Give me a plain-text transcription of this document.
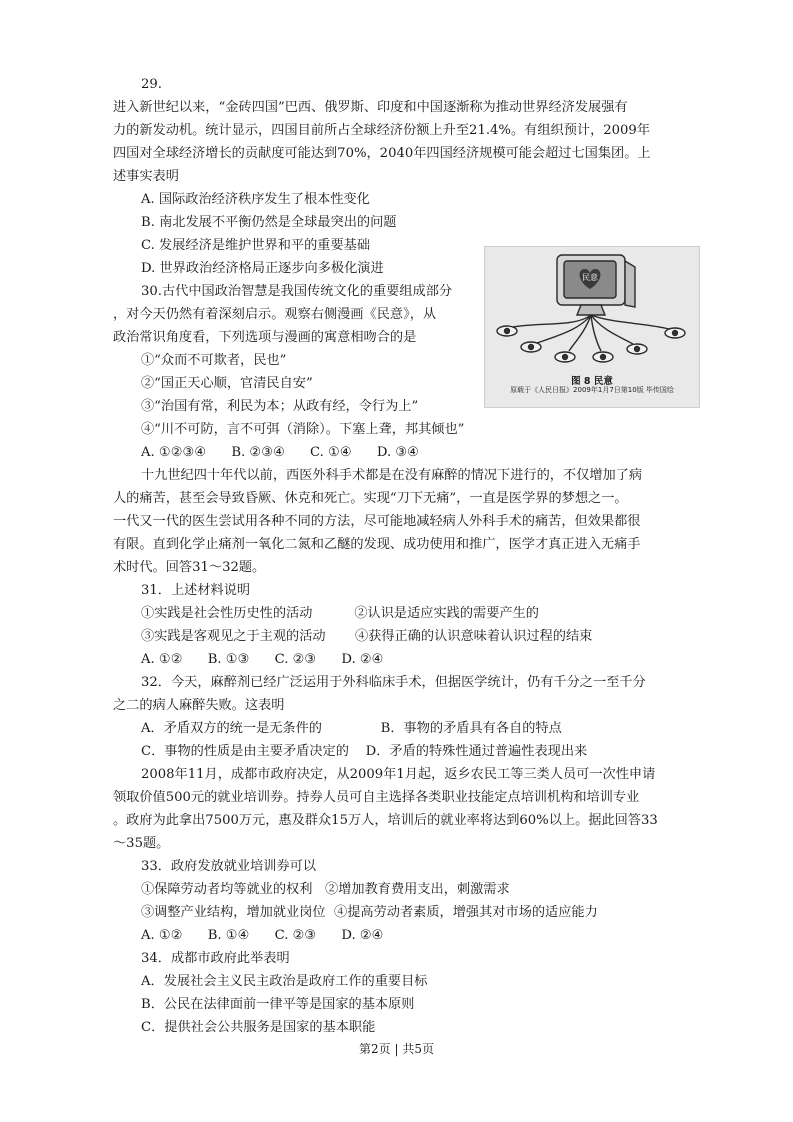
29.
进入新世纪以来，“金砖四国”巴西、俄罗斯、印度和中国逐渐称为推动世界经济发展强有
力的新发动机。统计显示，四国目前所占全球经济份额上升至21.4%。有组织预计，2009年
四国对全球经济增长的贡献度可能达到70%，2040年四国经济规模可能会超过七国集团。上
述事实表明
A. 国际政治经济秩序发生了根本性变化
B. 南北发展不平衡仍然是全球最突出的问题
C. 发展经济是维护世界和平的重要基础
D. 世界政治经济格局正逐步向多极化演进
30.古代中国政治智慧是我国传统文化的重要组成部分
，对今天仍然有着深刻启示。观察右侧漫画《民意》，从
政治常识角度看，下列选项与漫画的寓意相吻合的是
①“众而不可欺者，民也”
②“国正天心顺，官清民自安”
③“治国有常，利民为本；从政有经，令行为上”
④“川不可防，言不可弭（消除）。下塞上聋，邦其倾也”
A. ①②③④      B. ②③④      C. ①④      D. ③④
十九世纪四十年代以前，西医外科手术都是在没有麻醉的情况下进行的，不仅增加了病
人的痛苦，甚至会导致昏厥、休克和死亡。实现“刀下无痛”，一直是医学界的梦想之一。
一代又一代的医生尝试用各种不同的方法，尽可能地减轻病人外科手术的痛苦，但效果都很
有限。直到化学止痛剂一氧化二氮和乙醚的发现、成功使用和推广，医学才真正进入无痛手
术时代。回答31～32题。
31．上述材料说明
①实践是社会性历史性的活动          ②认识是适应实践的需要产生的
③实践是客观见之于主观的活动       ④获得正确的认识意味着认识过程的结束
A. ①②      B. ①③      C. ②③      D. ②④
32．今天，麻醉剂已经广泛运用于外科临床手术，但据医学统计，仍有千分之一至千分
之二的病人麻醉失败。这表明
A．矛盾双方的统一是无条件的              B．事物的矛盾具有各自的特点
C．事物的性质是由主要矛盾决定的    D．矛盾的特殊性通过普遍性表现出来
2008年11月，成都市政府决定，从2009年1月起，返乡农民工等三类人员可一次性申请
领取价值500元的就业培训券。持券人员可自主选择各类职业技能定点培训机构和培训专业
。政府为此拿出7500万元，惠及群众15万人，培训后的就业率将达到60%以上。据此回答33
～35题。
33．政府发放就业培训券可以
①保障劳动者均等就业的权利   ②增加教育费用支出，刺激需求
③调整产业结构，增加就业岗位  ④提高劳动者素质，增强其对市场的适应能力
A. ①②      B. ①④      C. ②③      D. ②④
34．成都市政府此举表明
A．发展社会主义民主政治是政府工作的重要目标
B．公民在法律面前一律平等是国家的基本原则
C．提供社会公共服务是国家的基本职能
民意
图 8 民意
原载于《人民日报》2009年1月7日第10版 毕传国绘
第2页 | 共5页
